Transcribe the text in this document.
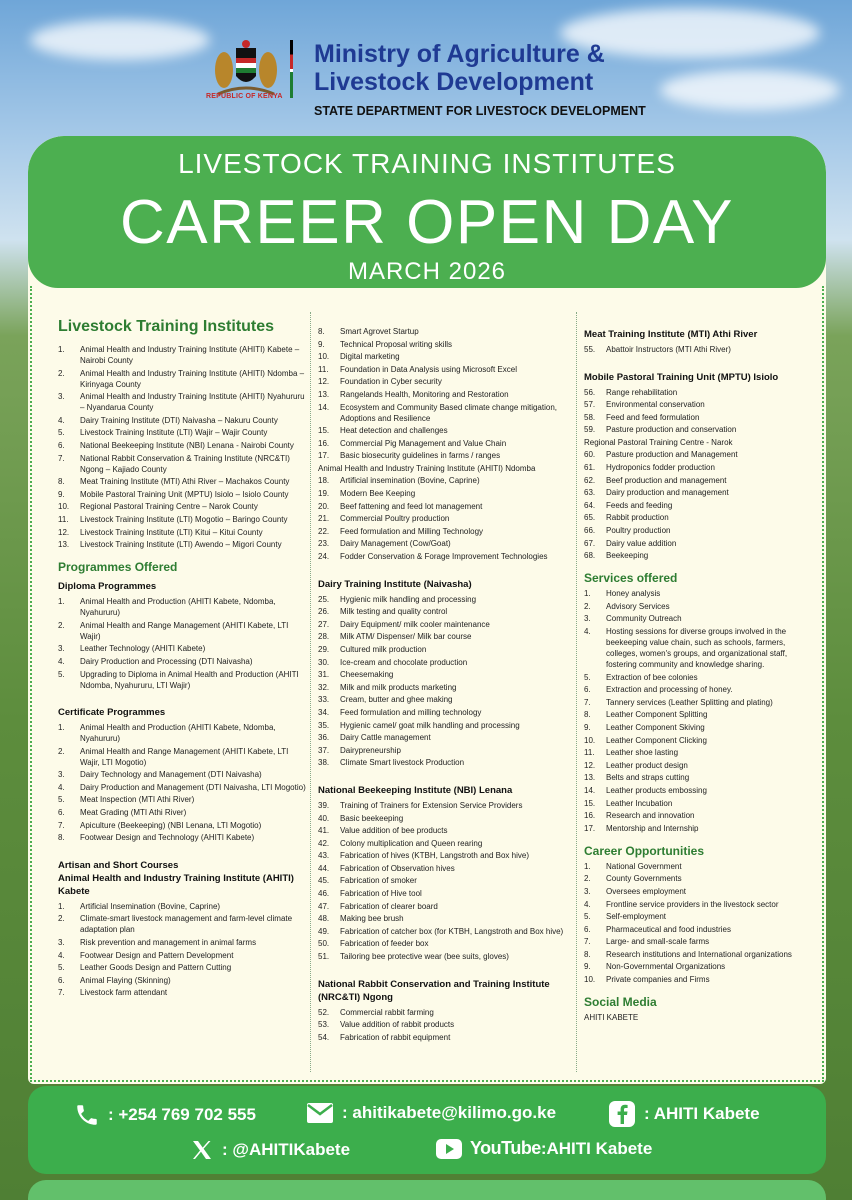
REPUBLIC OF KENYA
Ministry of Agriculture &
Livestock Development
STATE DEPARTMENT FOR LIVESTOCK DEVELOPMENT
LIVESTOCK TRAINING INSTITUTES
CAREER OPEN DAY
MARCH 2026
Livestock Training Institutes
1.	Animal Health and Industry Training Institute (AHITI) Kabete – Nairobi County
2.	Animal Health and Industry Training Institute (AHITI) Ndomba – Kirinyaga County
3.	Animal Health and Industry Training Institute (AHITI) Nyahururu – Nyandarua County
4.	Dairy Training Institute (DTI) Naivasha – Nakuru County
5.	Livestock Training Institute (LTI) Wajir – Wajir County
6.	National Beekeeping Institute (NBI) Lenana - Nairobi County
7.	National Rabbit Conservation & Training Institute (NRC&TI) Ngong – Kajiado County
8.	Meat Training Institute (MTI) Athi River – Machakos County
9.	Mobile Pastoral Training Unit (MPTU) Isiolo – Isiolo County
10.	Regional Pastoral Training Centre – Narok County
11.	Livestock Training Institute (LTI) Mogotio – Baringo County
12.	Livestock Training Institute (LTI) Kitui – Kitui County
13.	Livestock Training Institute (LTI) Awendo – Migori County
Programmes Offered
Diploma Programmes
1.	Animal Health and Production (AHITI Kabete, Ndomba, Nyahururu)
2.	Animal Health and Range Management (AHITI Kabete, LTI Wajir)
3.	Leather Technology (AHITI Kabete)
4.	Dairy Production and Processing (DTI Naivasha)
5.	Upgrading to Diploma in Animal Health and Production (AHITI Ndomba, Nyahururu, LTI Wajir)
Certificate Programmes
1.	Animal Health and Production (AHITI Kabete, Ndomba, Nyahururu)
2.	Animal Health and Range Management (AHITI Kabete, LTI Wajir, LTI Mogotio)
3.	Dairy Technology and Management (DTI Naivasha)
4.	Dairy Production and Management (DTI Naivasha, LTI Mogotio)
5.	Meat Inspection (MTI Athi River)
6.	Meat Grading (MTI Athi River)
7.	Apiculture (Beekeeping) (NBI Lenana, LTI Mogotio)
8.	Footwear Design and Technology (AHITI Kabete)
Artisan and Short Courses
Animal Health and Industry Training Institute (AHITI) Kabete
1.	Artificial Insemination (Bovine, Caprine)
2.	Climate-smart livestock management and farm-level climate adaptation plan
3.	Risk prevention and management in animal farms
4.	Footwear Design and Pattern Development
5.	Leather Goods Design and Pattern Cutting
6.	Animal Flaying (Skinning)
7.	Livestock farm attendant
8.	Smart Agrovet Startup
9.	Technical Proposal writing skills
10.	Digital marketing
11.	Foundation in Data Analysis using Microsoft Excel
12.	Foundation in Cyber security
13.	Rangelands Health, Monitoring and Restoration
14.	Ecosystem and Community Based climate change mitigation, Adoptions and Resilience
15.	Heat detection and challenges
16.	Commercial Pig Management and Value Chain
17.	Basic biosecurity guidelines in farms / ranges
Animal Health and Industry Training Institute (AHITI) Ndomba
18.	Artificial insemination (Bovine, Caprine)
19.	Modern Bee Keeping
20.	Beef fattening and feed lot management
21.	Commercial Poultry production
22.	Feed formulation and Milling Technology
23.	Dairy Management (Cow/Goat)
24.	Fodder Conservation & Forage Improvement Technologies
Dairy Training Institute (Naivasha)
25.	Hygienic milk handling and processing
26.	Milk testing and quality control
27.	Dairy Equipment/ milk cooler maintenance
28.	Milk ATM/ Dispenser/ Milk bar course
29.	Cultured milk production
30.	Ice-cream and chocolate production
31.	Cheesemaking
32.	Milk and milk products marketing
33.	Cream, butter and ghee making
34.	Feed formulation and milling technology
35.	Hygienic camel/ goat milk handling and processing
36.	Dairy Cattle management
37.	Dairypreneurship
38.	Climate Smart livestock Production
National Beekeeping Institute (NBI) Lenana
39.	Training of Trainers for Extension Service Providers
40.	Basic beekeeping
41.	Value addition of bee products
42.	Colony multiplication and Queen rearing
43.	Fabrication of hives (KTBH, Langstroth and Box hive)
44.	Fabrication of Observation hives
45.	Fabrication of smoker
46.	Fabrication of Hive tool
47.	Fabrication of clearer board
48.	Making bee brush
49.	Fabrication of catcher box (for KTBH, Langstroth and Box hive)
50.	Fabrication of feeder box
51.	Tailoring bee protective wear (bee suits, gloves)
National Rabbit Conservation and Training Institute (NRC&TI) Ngong
52.	Commercial rabbit farming
53.	Value addition of rabbit products
54.	Fabrication of rabbit equipment
Meat Training Institute (MTI) Athi River
55.	Abattoir Instructors (MTI Athi River)
Mobile Pastoral Training Unit (MPTU) Isiolo
56.	Range rehabilitation
57.	Environmental conservation
58.	Feed and feed formulation
59.	Pasture production and conservation
Regional Pastoral Training Centre - Narok
60.	Pasture production and Management
61.	Hydroponics fodder production
62.	Beef production and management
63.	Dairy production and management
64.	Feeds and feeding
65.	Rabbit production
66.	Poultry production
67.	Dairy value addition
68.	Beekeeping
Services offered
1.	Honey analysis
2.	Advisory Services
3.	Community Outreach
4.	Hosting sessions for diverse groups involved in the beekeeping value chain, such as schools, farmers, colleges, women's groups, and organizational staff, fostering community and knowledge sharing.
5.	Extraction of bee colonies
6.	Extraction and processing of honey.
7.	Tannery services (Leather Splitting and plating)
8.	Leather Component Splitting
9.	Leather Component Skiving
10.	Leather Component Clicking
11.	Leather shoe lasting
12.	Leather product design
13.	Belts and straps cutting
14.	Leather products embossing
15.	Leather Incubation
16.	Research and innovation
17.	Mentorship and Internship
Career Opportunities
1.	National Government
2.	County Governments
3.	Oversees employment
4.	Frontline service providers in the livestock sector
5.	Self-employment
6.	Pharmaceutical and food industries
7.	Large- and small-scale farms
8.	Research institutions and International organizations
9.	Non-Governmental Organizations
10.	Private companies and Firms
Social Media
AHITI KABETE
: +254 769 702 555	: ahitikabete@kilimo.go.ke	: AHITI Kabete
: @AHITIKabete	YouTube :AHITI Kabete
